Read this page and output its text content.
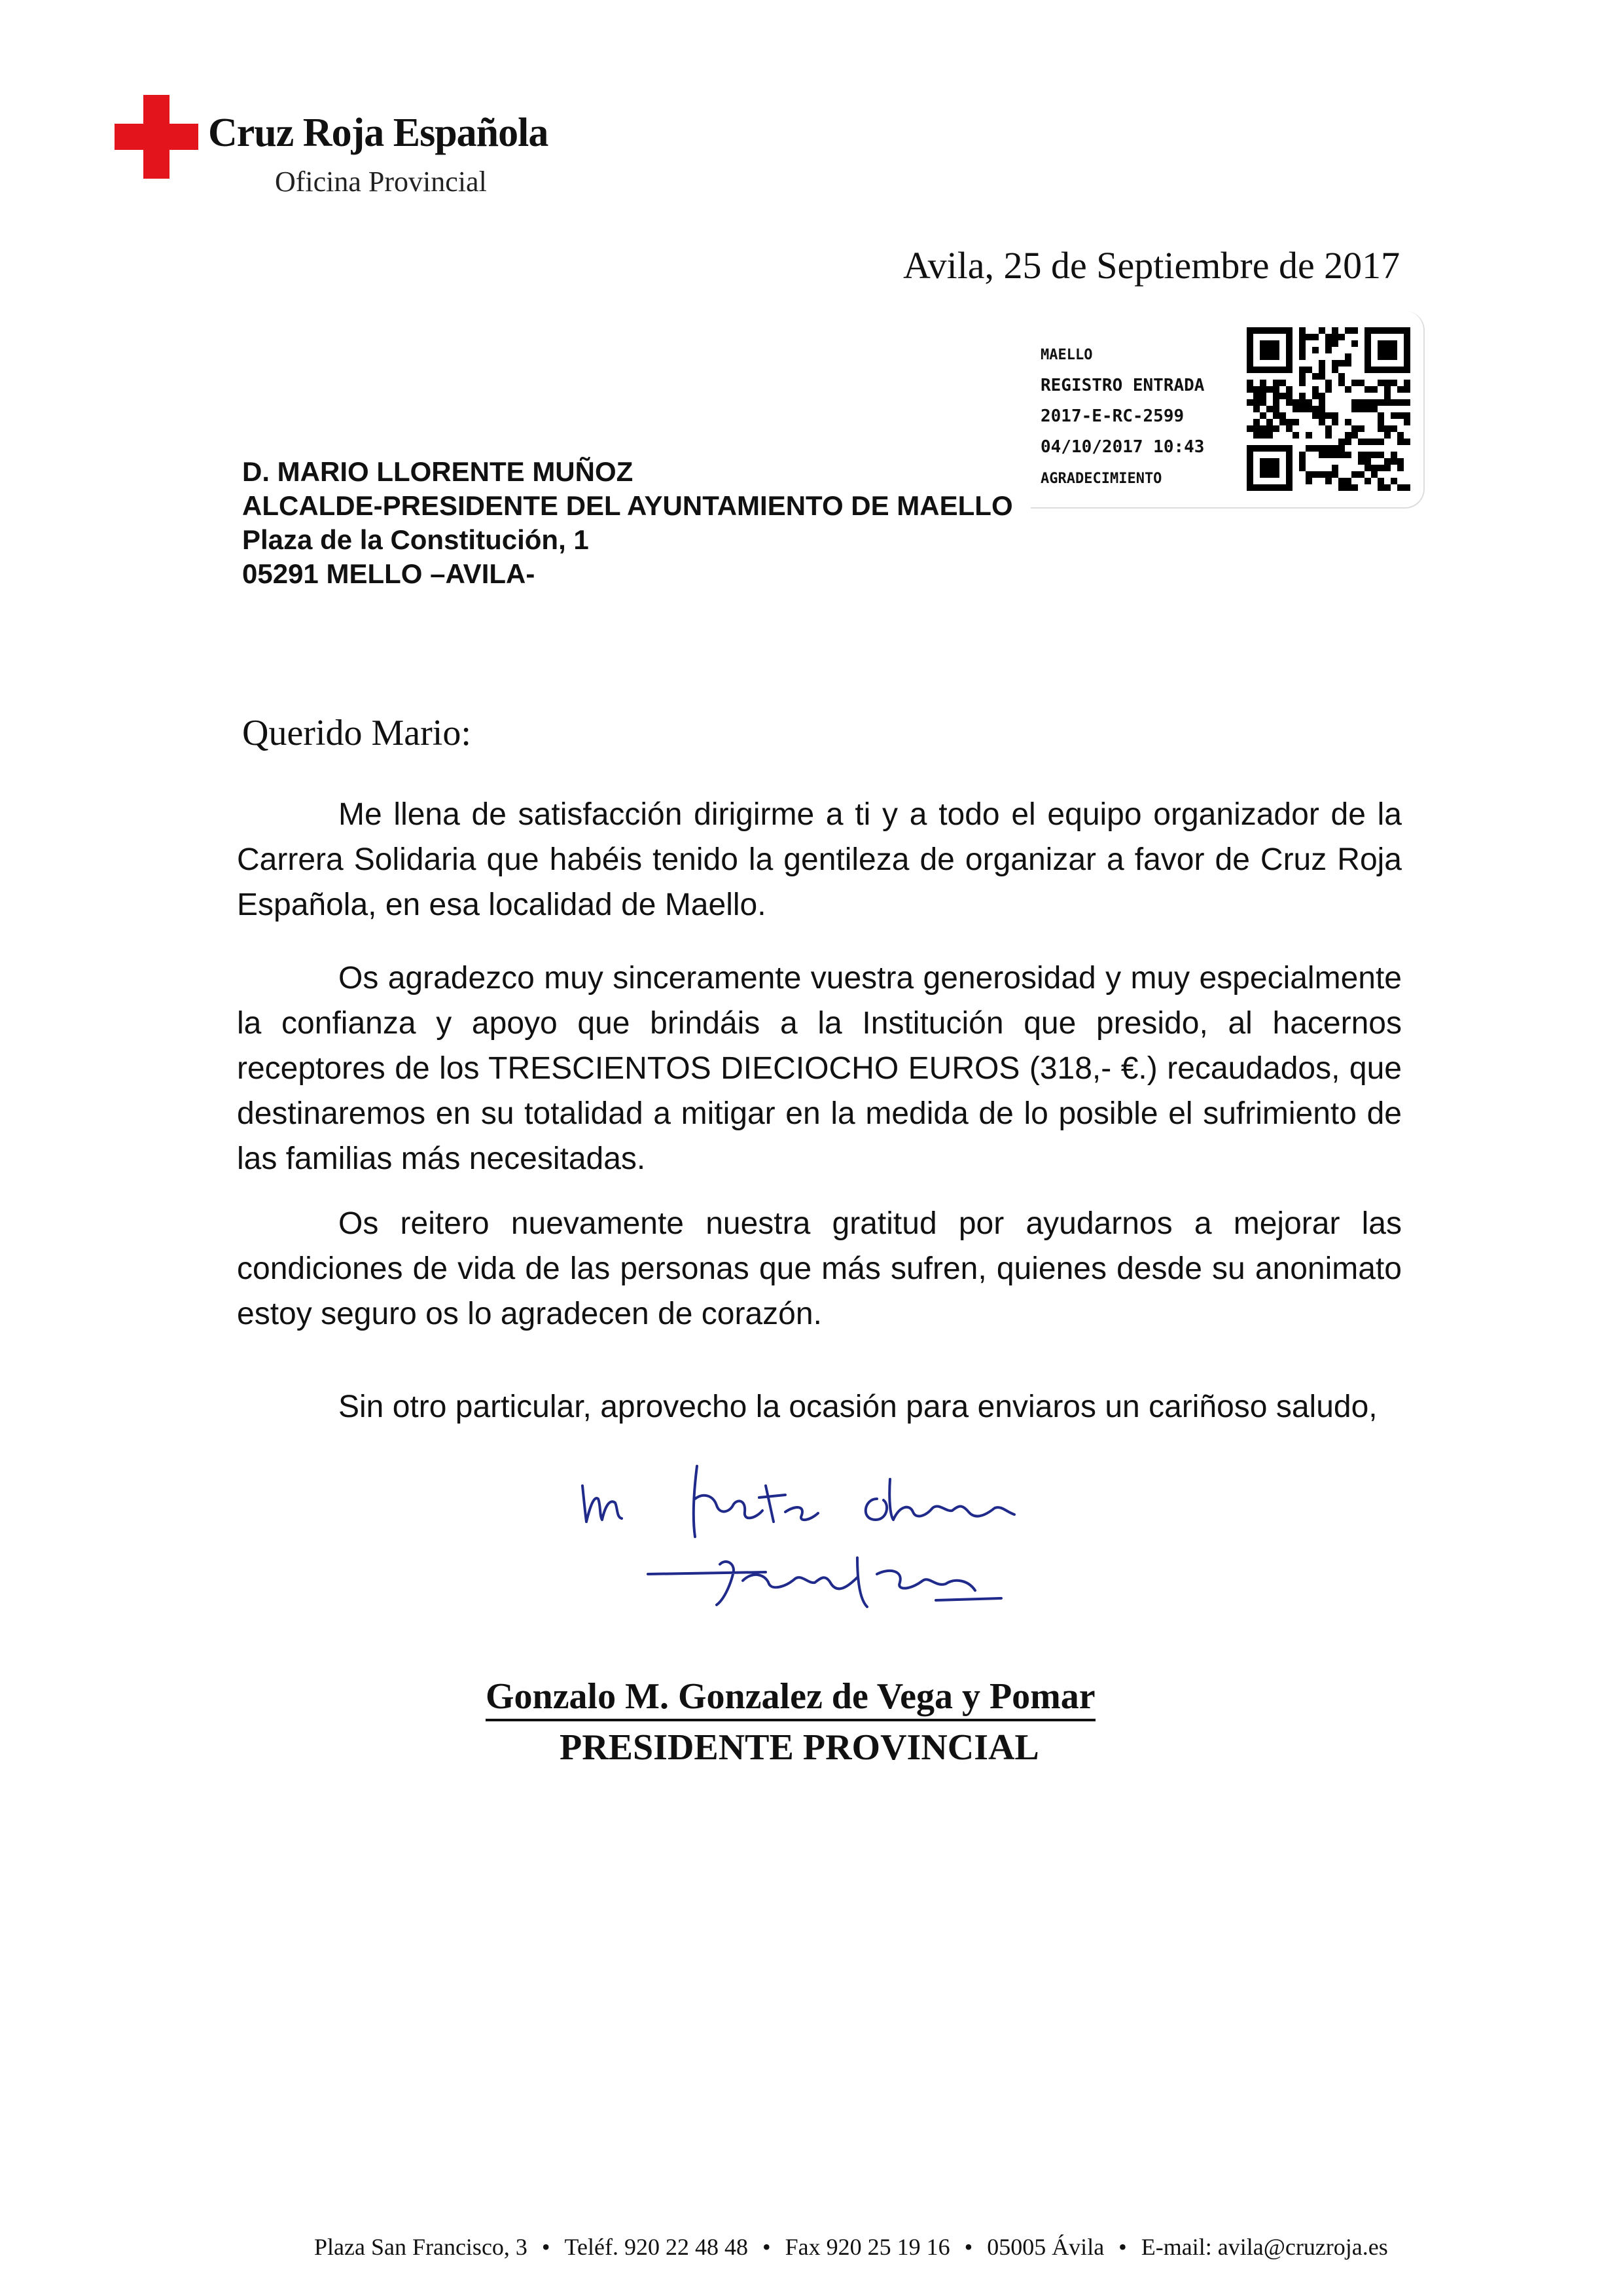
Cruz Roja Española
Oficina Provincial
Avila, 25 de Septiembre de 2017
MAELLO
REGISTRO ENTRADA
2017-E-RC-2599
04/10/2017 10:43
AGRADECIMIENTO
D. MARIO LLORENTE MUÑOZ
ALCALDE-PRESIDENTE DEL AYUNTAMIENTO DE MAELLO
Plaza de la Constitución, 1
05291 MELLO –AVILA-
Querido Mario:

Me llena de satisfacción dirigirme a ti y a todo el equipo organizador de la Carrera Solidaria que habéis tenido la gentileza de organizar a favor de Cruz Roja Española, en esa localidad de Maello.

Os agradezco muy sinceramente vuestra generosidad y muy especialmente la confianza y apoyo que brindáis a la Institución que presido, al hacernos receptores de los TRESCIENTOS DIECIOCHO EUROS (318,- €.) recaudados, que destinaremos en su totalidad a mitigar en la medida de lo posible el sufrimiento de las familias más necesitadas.

Os reitero nuevamente nuestra gratitud por ayudarnos a mejorar las condiciones de vida de las personas que más sufren, quienes desde su anonimato estoy seguro os lo agradecen de corazón.

Sin otro particular, aprovecho la ocasión para enviaros un cariñoso saludo,

Gonzalo M. Gonzalez de Vega y Pomar
PRESIDENTE PROVINCIAL
Plaza San Francisco, 3 • Teléf. 920 22 48 48 • Fax 920 25 19 16 • 05005 Ávila • E-mail: avila@cruzroja.es
